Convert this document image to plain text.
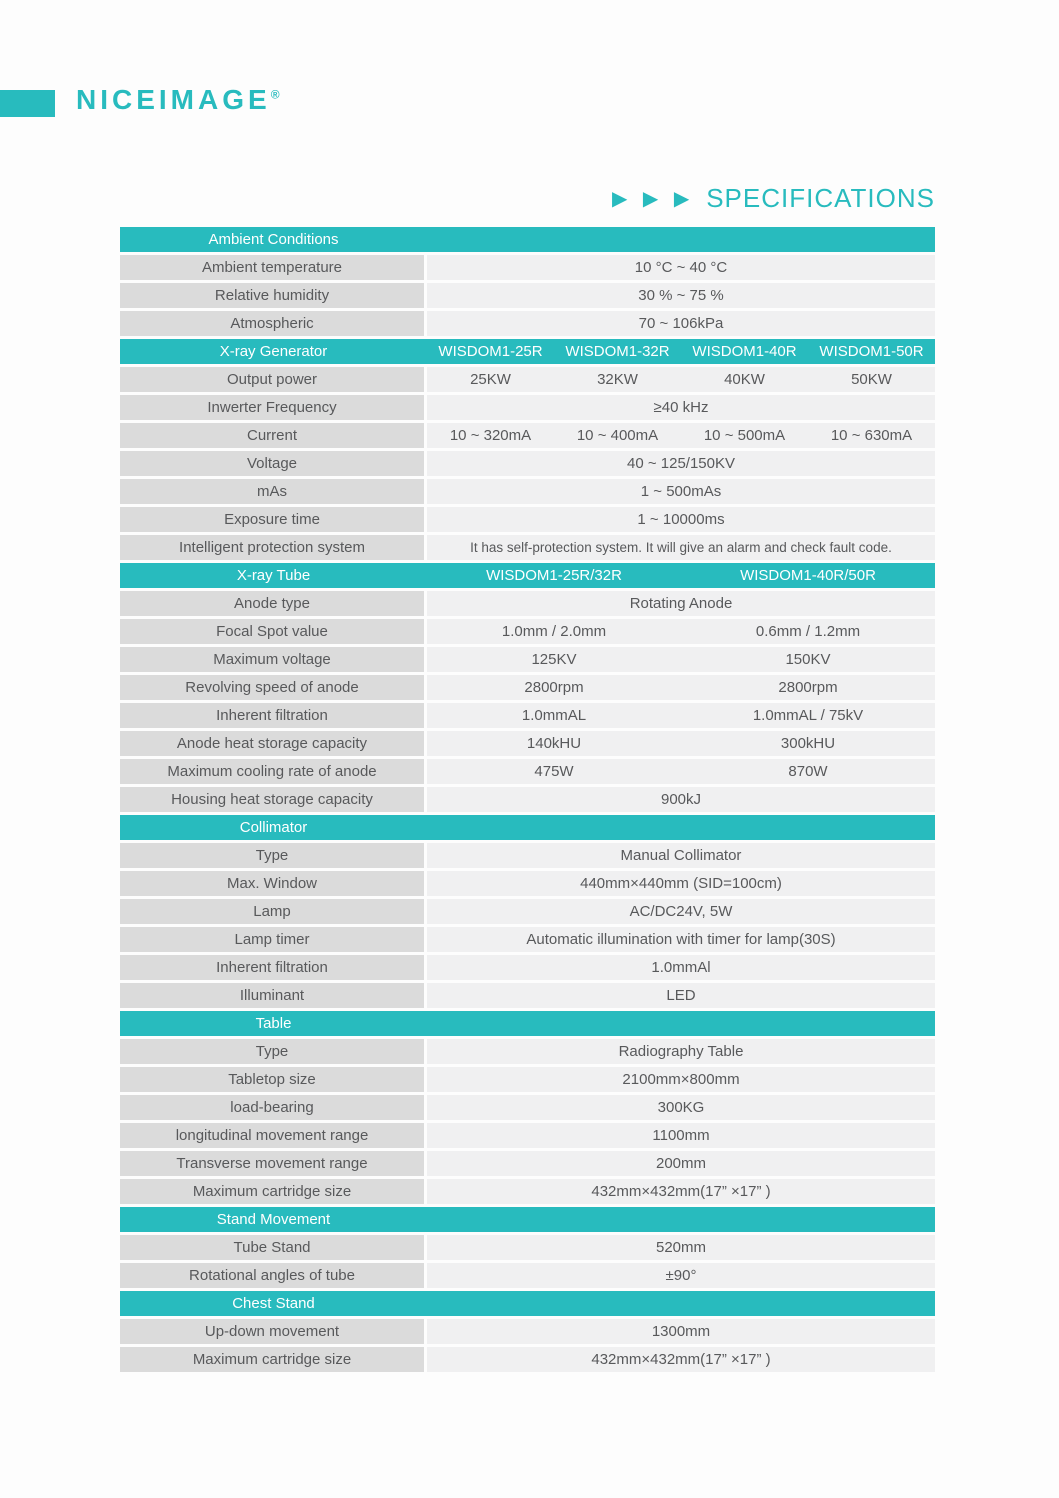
NICEIMAGE®
▶ ▶ ▶ SPECIFICATIONS
Ambient Conditions
Ambient temperature	10 °C ~ 40 °C
Relative humidity	30 % ~ 75 %
Atmospheric	70 ~ 106kPa
X-ray Generator	WISDOM1-25R	WISDOM1-32R	WISDOM1-40R	WISDOM1-50R
Output power	25KW	32KW	40KW	50KW
Inwerter Frequency	≥40 kHz
Current	10 ~ 320mA	10 ~ 400mA	10 ~ 500mA	10 ~ 630mA
Voltage	40 ~ 125/150KV
mAs	1 ~ 500mAs
Exposure time	1 ~ 10000ms
Intelligent protection system	It has self-protection system. It will give an alarm and check fault code.
X-ray Tube	WISDOM1-25R/32R	WISDOM1-40R/50R
Anode type	Rotating Anode
Focal Spot value	1.0mm / 2.0mm	0.6mm / 1.2mm
Maximum voltage	125KV	150KV
Revolving speed of anode	2800rpm	2800rpm
Inherent filtration	1.0mmAL	1.0mmAL / 75kV
Anode heat storage capacity	140kHU	300kHU
Maximum cooling rate of anode	475W	870W
Housing heat storage capacity	900kJ
Collimator
Type	Manual Collimator
Max. Window	440mm×440mm (SID=100cm)
Lamp	AC/DC24V, 5W
Lamp timer	Automatic illumination with timer for lamp(30S)
Inherent filtration	1.0mmAl
Illuminant	LED
Table
Type	Radiography Table
Tabletop size	2100mm×800mm
load-bearing	300KG
longitudinal movement range	1100mm
Transverse movement range	200mm
Maximum cartridge size	432mm×432mm(17” ×17” )
Stand Movement
Tube Stand	520mm
Rotational angles of tube	±90°
Chest Stand
Up-down movement	1300mm
Maximum cartridge size	432mm×432mm(17” ×17” )
